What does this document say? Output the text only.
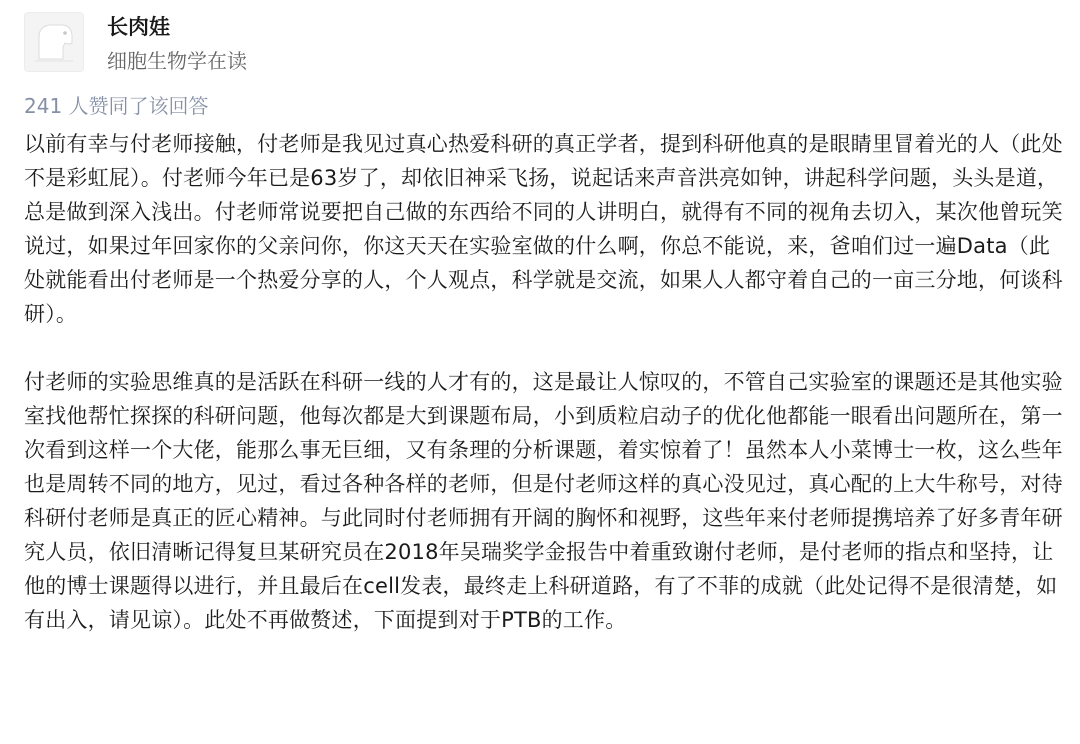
长肉娃
细胞生物学在读
241 人赞同了该回答

以前有幸与付老师接触，付老师是我见过真心热爱科研的真正学者，提到科研他真的是眼睛里冒着光的人（此处不是彩虹屁）。付老师今年已是63岁了，却依旧神采飞扬，说起话来声音洪亮如钟，讲起科学问题，头头是道，总是做到深入浅出。付老师常说要把自己做的东西给不同的人讲明白，就得有不同的视角去切入，某次他曾玩笑说过，如果过年回家你的父亲问你，你这天天在实验室做的什么啊，你总不能说，来，爸咱们过一遍Data（此处就能看出付老师是一个热爱分享的人，个人观点，科学就是交流，如果人人都守着自己的一亩三分地，何谈科研）。

付老师的实验思维真的是活跃在科研一线的人才有的，这是最让人惊叹的，不管自己实验室的课题还是其他实验室找他帮忙探探的科研问题，他每次都是大到课题布局，小到质粒启动子的优化他都能一眼看出问题所在，第一次看到这样一个大佬，能那么事无巨细，又有条理的分析课题，着实惊着了！虽然本人小菜博士一枚，这么些年也是周转不同的地方，见过，看过各种各样的老师，但是付老师这样的真心没见过，真心配的上大牛称号，对待科研付老师是真正的匠心精神。与此同时付老师拥有开阔的胸怀和视野，这些年来付老师提携培养了好多青年研究人员，依旧清晰记得复旦某研究员在2018年吴瑞奖学金报告中着重致谢付老师，是付老师的指点和坚持，让他的博士课题得以进行，并且最后在cell发表，最终走上科研道路，有了不菲的成就（此处记得不是很清楚，如有出入，请见谅）。此处不再做赘述，下面提到对于PTB的工作。
